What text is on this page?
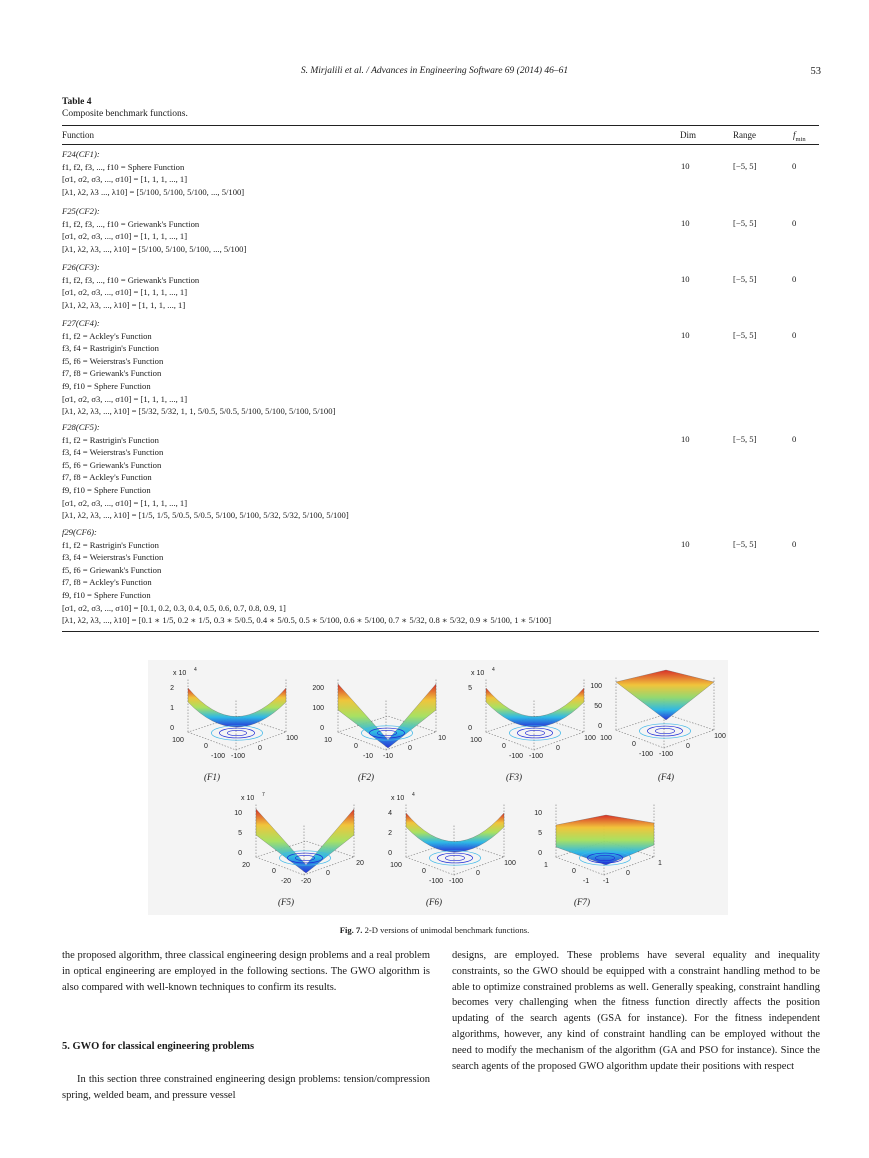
S. Mirjalili et al. / Advances in Engineering Software 69 (2014) 46–61	53
Table 4
Composite benchmark functions.
Function	Dim	Range	$f_{min}$
F24(CF1):
f1, f2, f3, ..., f10 = Sphere Function
[σ1, σ2, σ3, ..., σ10] = [1, 1, 1, ..., 1]
[λ1, λ2, λ3 ..., λ10] = [5/100, 5/100, 5/100, ..., 5/100]
10	[−5, 5]	0
F25(CF2):
f1, f2, f3, ..., f10 = Griewank's Function
[σ1, σ2, σ3, ..., σ10] = [1, 1, 1, ..., 1]
[λ1, λ2, λ3, ..., λ10] = [5/100, 5/100, 5/100, ..., 5/100]
10	[−5, 5]	0
F26(CF3):
f1, f2, f3, ..., f10 = Griewank's Function
[σ1, σ2, σ3, ..., σ10] = [1, 1, 1, ..., 1]
[λ1, λ2, λ3, ..., λ10] = [1, 1, 1, ..., 1]
10	[−5, 5]	0
F27(CF4):
f1, f2 = Ackley's Function
f3, f4 = Rastrigin's Function
f5, f6 = Weierstras's Function
f7, f8 = Griewank's Function
f9, f10 = Sphere Function
[σ1, σ2, σ3, ..., σ10] = [1, 1, 1, ..., 1]
[λ1, λ2, λ3, ..., λ10] = [5/32, 5/32, 1, 1, 5/0.5, 5/0.5, 5/100, 5/100, 5/100, 5/100]
10	[−5, 5]	0
F28(CF5):
f1, f2 = Rastrigin's Function
f3, f4 = Weierstras's Function
f5, f6 = Griewank's Function
f7, f8 = Ackley's Function
f9, f10 = Sphere Function
[σ1, σ2, σ3, ..., σ10] = [1, 1, 1, ..., 1]
[λ1, λ2, λ3, ..., λ10] = [1/5, 1/5, 5/0.5, 5/0.5, 5/100, 5/100, 5/32, 5/32, 5/100, 5/100]
10	[−5, 5]	0
f29(CF6):
f1, f2 = Rastrigin's Function
f3, f4 = Weierstras's Function
f5, f6 = Griewank's Function
f7, f8 = Ackley's Function
f9, f10 = Sphere Function
[σ1, σ2, σ3, ..., σ10] = [0.1, 0.2, 0.3, 0.4, 0.5, 0.6, 0.7, 0.8, 0.9, 1]
[λ1, λ2, λ3, ..., λ10] = [0.1 ∗ 1/5, 0.2 ∗ 1/5, 0.3 ∗ 5/0.5, 0.4 ∗ 5/0.5, 0.5 ∗ 5/100, 0.6 ∗ 5/100, 0.7 ∗ 5/32, 0.8 ∗ 5/32, 0.9 ∗ 5/100, 1 ∗ 5/100]
10	[−5, 5]	0
x 10 4
2
1
0
100
0
-100 -100
0
100
200
100
0
10
0
-10 -10
0
10
x 10 4
5
0
100
0
-100 -100
0
100
100
50
0
100
0
-100 -100
0
100
x 10 7
10
5
0
20
0
-20 -20
0
20
x 10 4
4
2
0
100
0
-100 -100
0
100
10
5
0
1
0
-1 -1
0
1
(F1)	(F2)	(F3)	(F4)
(F5)	(F6)	(F7)
Fig. 7. 2-D versions of unimodal benchmark functions.
the proposed algorithm, three classical engineering design problems and a real problem in optical engineering are employed in the following sections. The GWO algorithm is also compared with well-known techniques to confirm its results.
5. GWO for classical engineering problems
In this section three constrained engineering design problems: tension/compression spring, welded beam, and pressure vessel
designs, are employed. These problems have several equality and inequality constraints, so the GWO should be equipped with a constraint handling method to be able to optimize constrained problems as well. Generally speaking, constraint handling becomes very challenging when the fitness function directly affects the position updating of the search agents (GSA for instance). For the fitness independent algorithms, however, any kind of constraint handling can be employed without the need to modify the mechanism of the algorithm (GA and PSO for instance). Since the search agents of the proposed GWO algorithm update their positions with respect
